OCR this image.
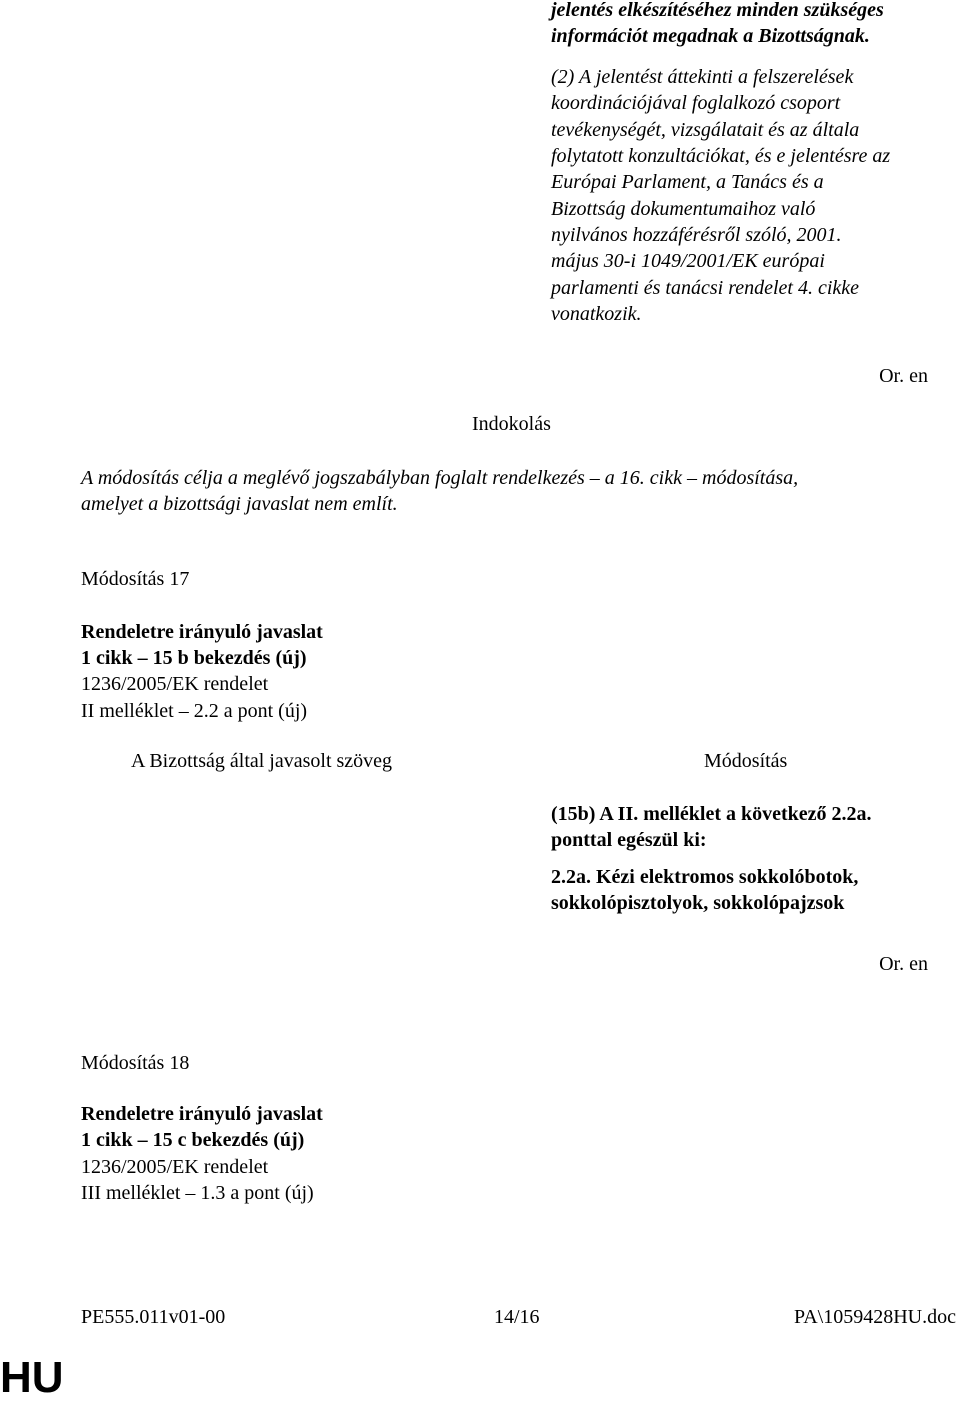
jelentés elkészítéséhez minden szükséges
információt megadnak a Bizottságnak.
(2) A jelentést áttekinti a felszerelések
koordinációjával foglalkozó csoport
tevékenységét, vizsgálatait és az általa
folytatott konzultációkat, és e jelentésre az
Európai Parlament, a Tanács és a
Bizottság dokumentumaihoz való
nyilvános hozzáférésről szóló, 2001.
május 30-i 1049/2001/EK európai
parlamenti és tanácsi rendelet 4. cikke
vonatkozik.
Or. en
Indokolás
A módosítás célja a meglévő jogszabályban foglalt rendelkezés – a 16. cikk – módosítása,
amelyet a bizottsági javaslat nem említ.
Módosítás 17
Rendeletre irányuló javaslat
1 cikk – 15 b bekezdés (új)
1236/2005/EK rendelet
II melléklet – 2.2 a pont (új)
A Bizottság által javasolt szöveg	Módosítás
(15b) A II. melléklet a következő 2.2a.
ponttal egészül ki:
2.2a. Kézi elektromos sokkolóbotok,
sokkolópisztolyok, sokkolópajzsok
Or. en
Módosítás 18
Rendeletre irányuló javaslat
1 cikk – 15 c bekezdés (új)
1236/2005/EK rendelet
III melléklet – 1.3 a pont (új)
PE555.011v01-00	14/16	PA\1059428HU.doc
HU
